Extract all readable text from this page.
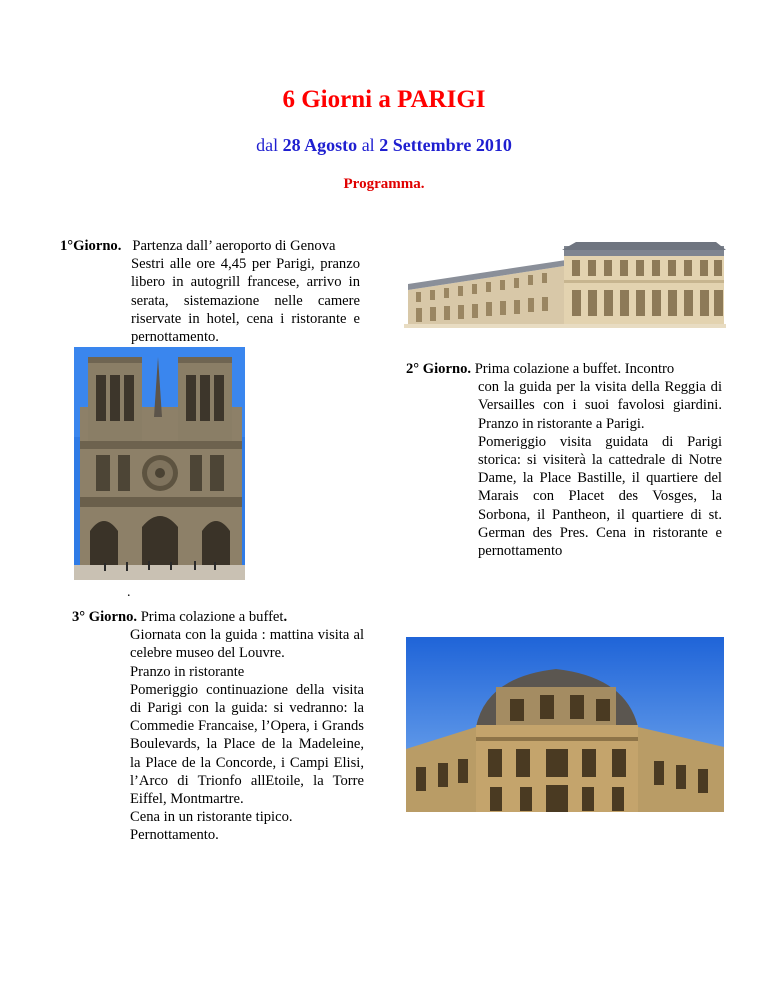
6 Giorni a PARIGI
dal 28 Agosto al 2 Settembre 2010
Programma.
1°Giorno. Partenza dall’ aeroporto di Genova
Sestri alle ore 4,45 per Parigi, pranzo libero in autogrill francese, arrivo in serata, sistemazione nelle camere riservate in hotel, cena i ristorante e pernottamento.
2° Giorno. Prima colazione a buffet. Incontro
con la guida per la visita della Reggia di Versailles con i suoi favolosi giardini. Pranzo in ristorante a Parigi.
Pomeriggio visita guidata di Parigi storica: si visiterà la cattedrale di Notre Dame, la Place Bastille, il quartiere del Marais con Placet des Vosges, la Sorbona, il Pantheon, il quartiere di st. German des Pres. Cena in ristorante e pernottamento
.
3° Giorno. Prima colazione a buffet.
Giornata con la guida : mattina visita al celebre museo del Louvre.
Pranzo in ristorante
Pomeriggio continuazione della visita di Parigi con la guida: si vedranno: la Commedie Francaise, l’Opera, i Grands Boulevards, la Place de la Madeleine, la Place de la Concorde, i Campi Elisi, l’Arco di Trionfo allEtoile, la Torre Eiffel, Montmartre.
Cena in un ristorante tipico.
Pernottamento.
